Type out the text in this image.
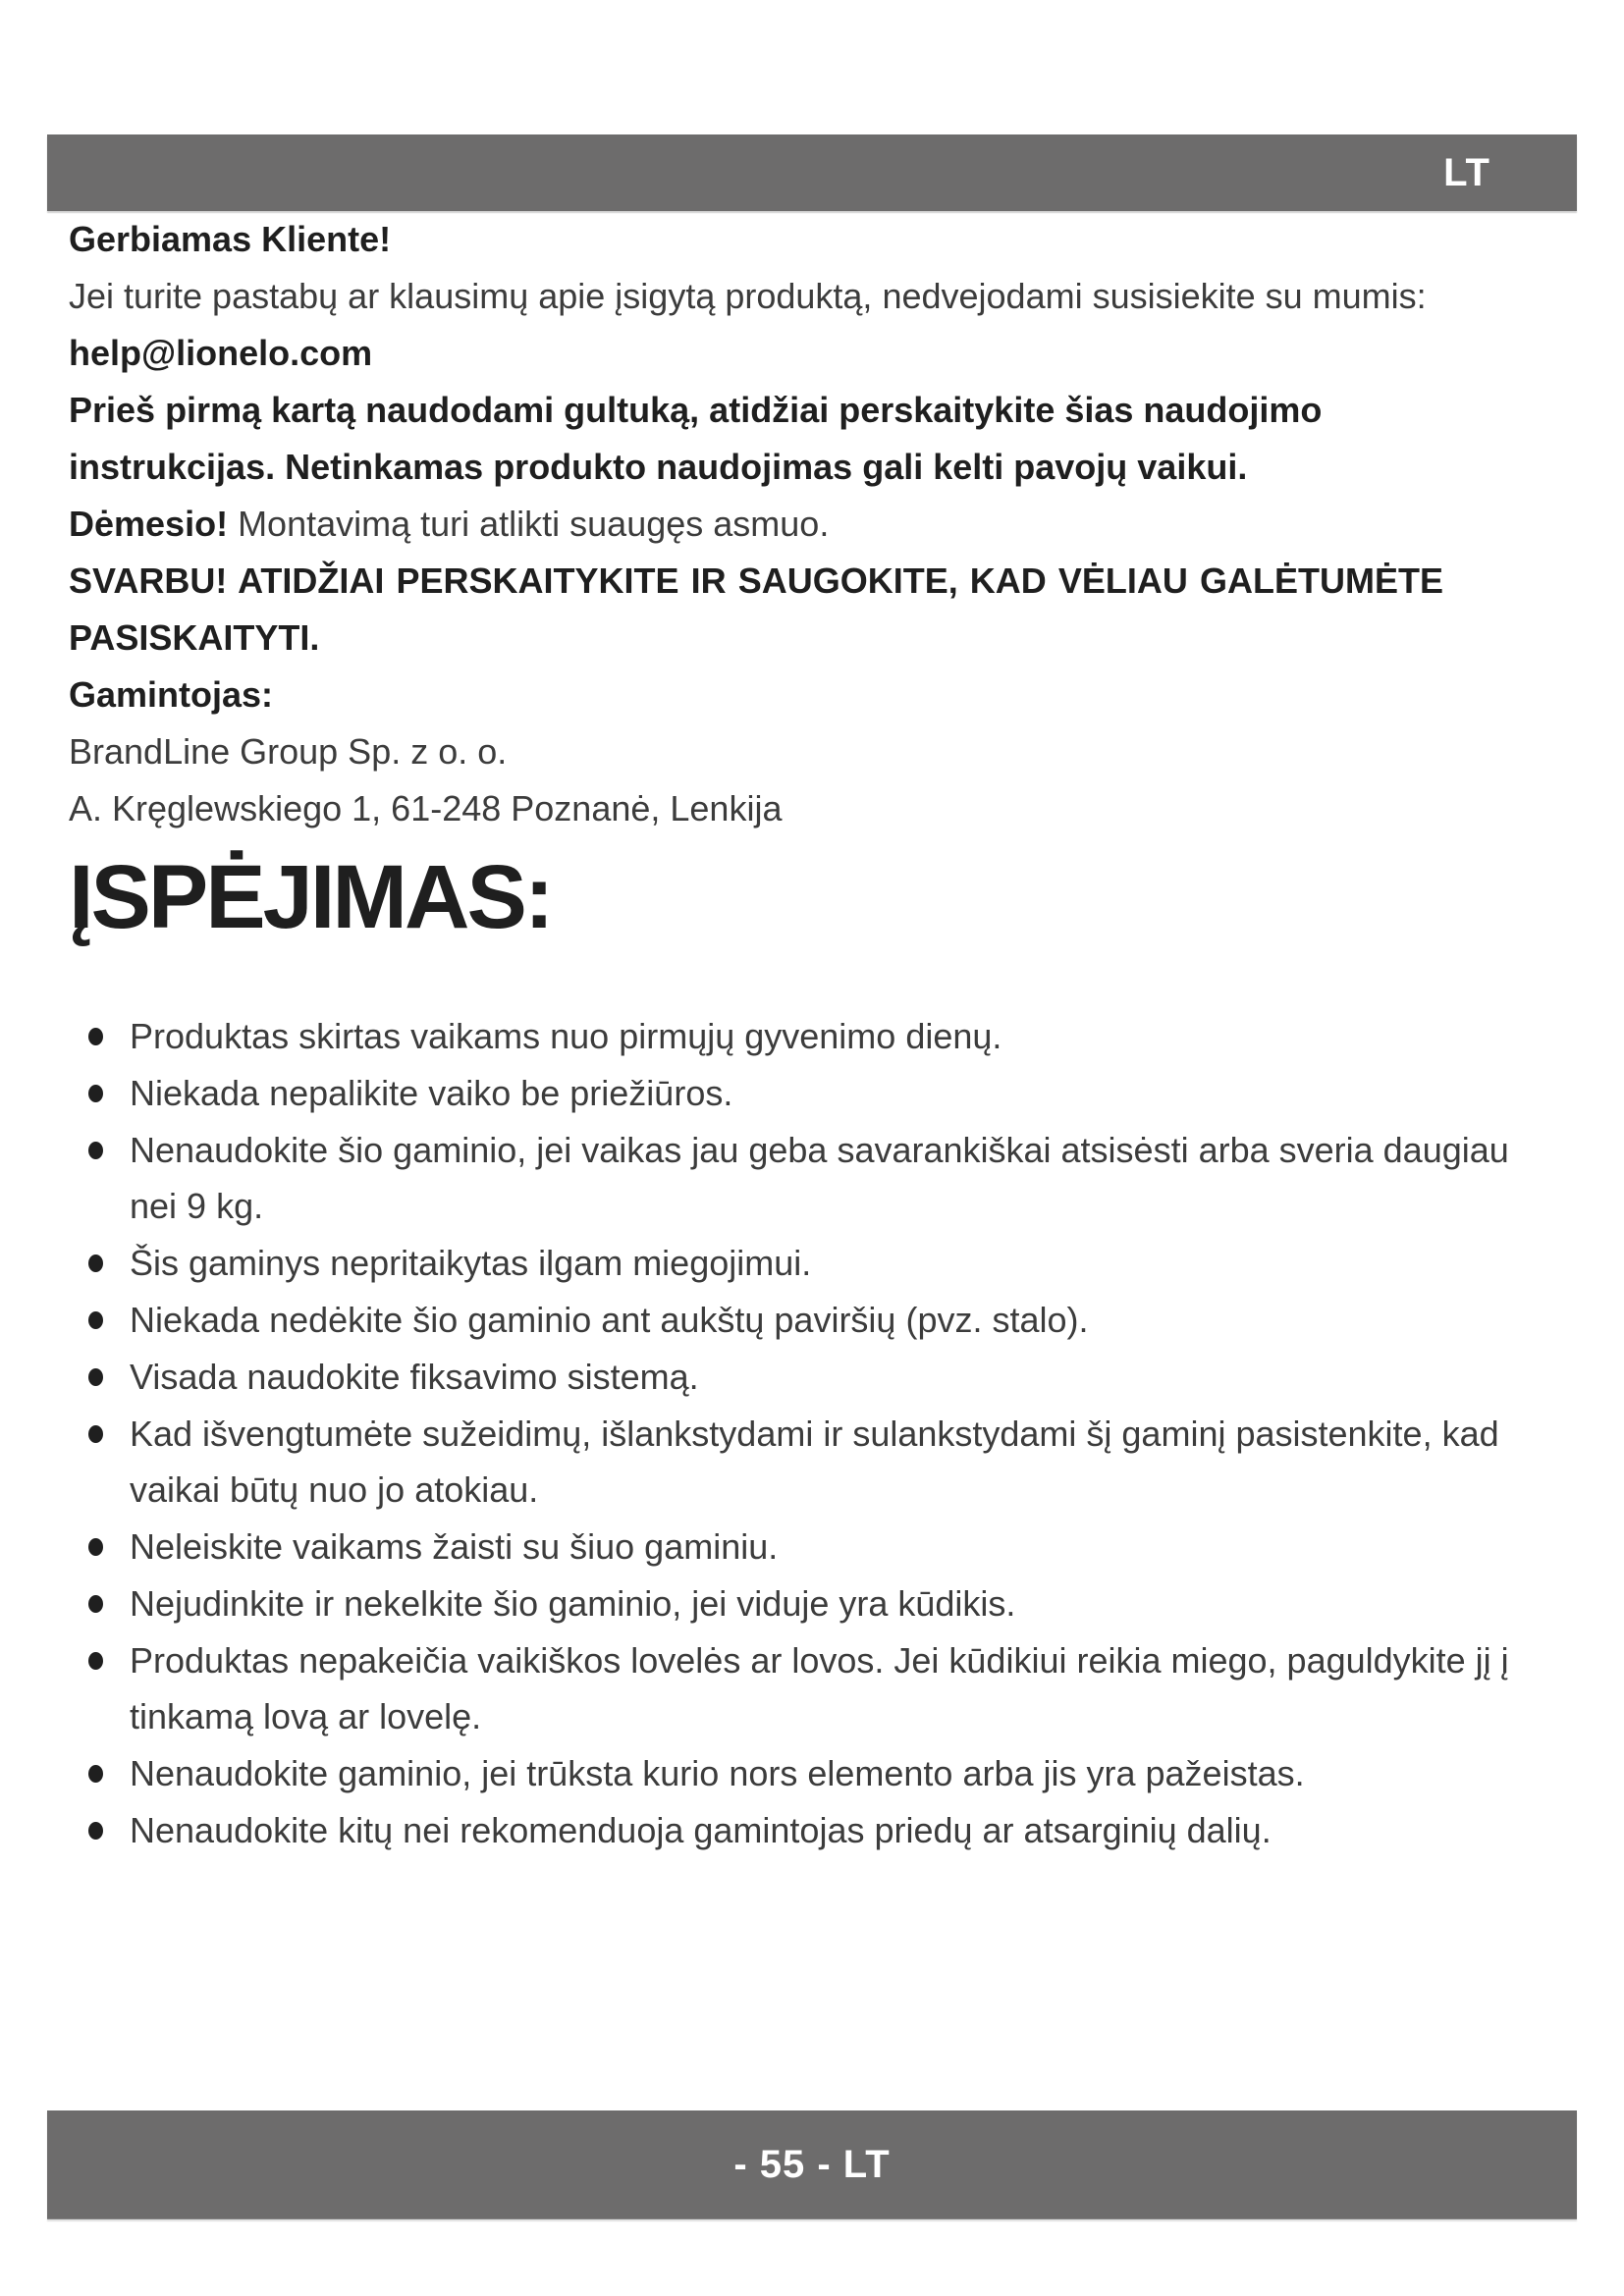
LT

Gerbiamas Kliente!

Jei turite pastabų ar klausimų apie įsigytą produktą, nedvejodami susisiekite su mumis: help@lionelo.com

Prieš pirmą kartą naudodami gultuką, atidžiai perskaitykite šias naudojimo instrukcijas. Netinkamas produkto naudojimas gali kelti pavojų vaikui.

Dėmesio! Montavimą turi atlikti suaugęs asmuo.

SVARBU! ATIDŽIAI PERSKAITYKITE IR SAUGOKITE, KAD VĖLIAU GALĖTUMĖTE PASISKAITYTI.

Gamintojas:

BrandLine Group Sp. z o. o.

A. Kręglewskiego 1, 61-248 Poznanė, Lenkija

ĮSPĖJIMAS:
Produktas skirtas vaikams nuo pirmųjų gyvenimo dienų.
Niekada nepalikite vaiko be priežiūros.
Nenaudokite šio gaminio, jei vaikas jau geba savarankiškai atsisėsti arba sveria daugiau nei 9 kg.
Šis gaminys nepritaikytas ilgam miegojimui.
Niekada nedėkite šio gaminio ant aukštų paviršių (pvz. stalo).
Visada naudokite fiksavimo sistemą.
Kad išvengtumėte sužeidimų, išlankstydami ir sulankstydami šį gaminį pasistenkite, kad vaikai būtų nuo jo atokiau.
Neleiskite vaikams žaisti su šiuo gaminiu.
Nejudinkite ir nekelkite šio gaminio, jei viduje yra kūdikis.
Produktas nepakeičia vaikiškos lovelės ar lovos. Jei kūdikiui reikia miego, paguldykite jį į tinkamą lovą ar lovelę.
Nenaudokite gaminio, jei trūksta kurio nors elemento arba jis yra pažeistas.
Nenaudokite kitų nei rekomenduoja gamintojas priedų ar atsarginių dalių.
- 55 - LT
